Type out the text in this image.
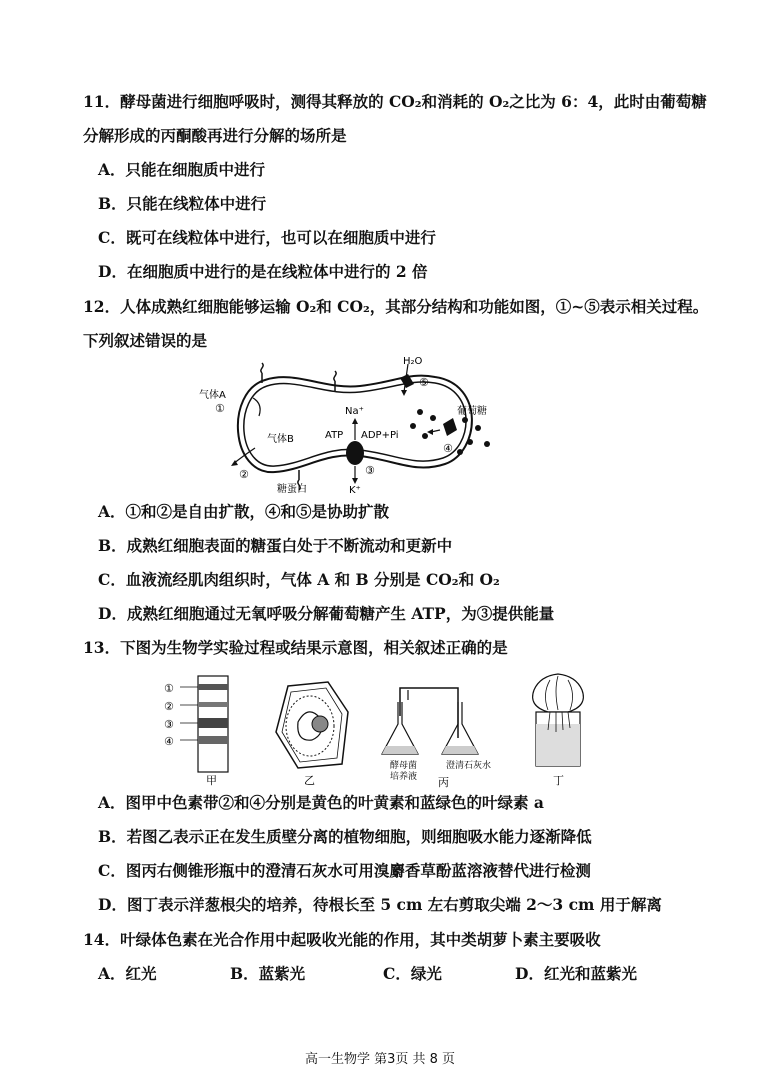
11．酵母菌进行细胞呼吸时，测得其释放的 CO₂和消耗的 O₂之比为 6：4，此时由葡萄糖
分解形成的丙酮酸再进行分解的场所是
A．只能在细胞质中进行
B．只能在线粒体中进行
C．既可在线粒体中进行，也可以在细胞质中进行
D．在细胞质中进行的是在线粒体中进行的 2 倍
12．人体成熟红细胞能够运输 O₂和 CO₂，其部分结构和功能如图，①~⑤表示相关过程。
下列叙述错误的是
气体A
①
气体B
②
糖蛋白
H₂O
⑤
葡萄糖
④
Na⁺
ATP ADP+Pi
③
K⁺
A．①和②是自由扩散，④和⑤是协助扩散
B．成熟红细胞表面的糖蛋白处于不断流动和更新中
C．血液流经肌肉组织时，气体 A 和 B 分别是 CO₂和 O₂
D．成熟红细胞通过无氧呼吸分解葡萄糖产生 ATP，为③提供能量
13．下图为生物学实验过程或结果示意图，相关叙述正确的是
①
②
③
④
甲	乙
酵母菌
培养液
澄清石灰水
丙	丁
A．图甲中色素带②和④分别是黄色的叶黄素和蓝绿色的叶绿素 a
B．若图乙表示正在发生质壁分离的植物细胞，则细胞吸水能力逐渐降低
C．图丙右侧锥形瓶中的澄清石灰水可用溴麝香草酚蓝溶液替代进行检测
D．图丁表示洋葱根尖的培养，待根长至 5 cm 左右剪取尖端 2～3 cm 用于解离
14．叶绿体色素在光合作用中起吸收光能的作用，其中类胡萝卜素主要吸收
A．红光	B．蓝紫光	C．绿光	D．红光和蓝紫光
高一生物学 第3页 共 8 页
